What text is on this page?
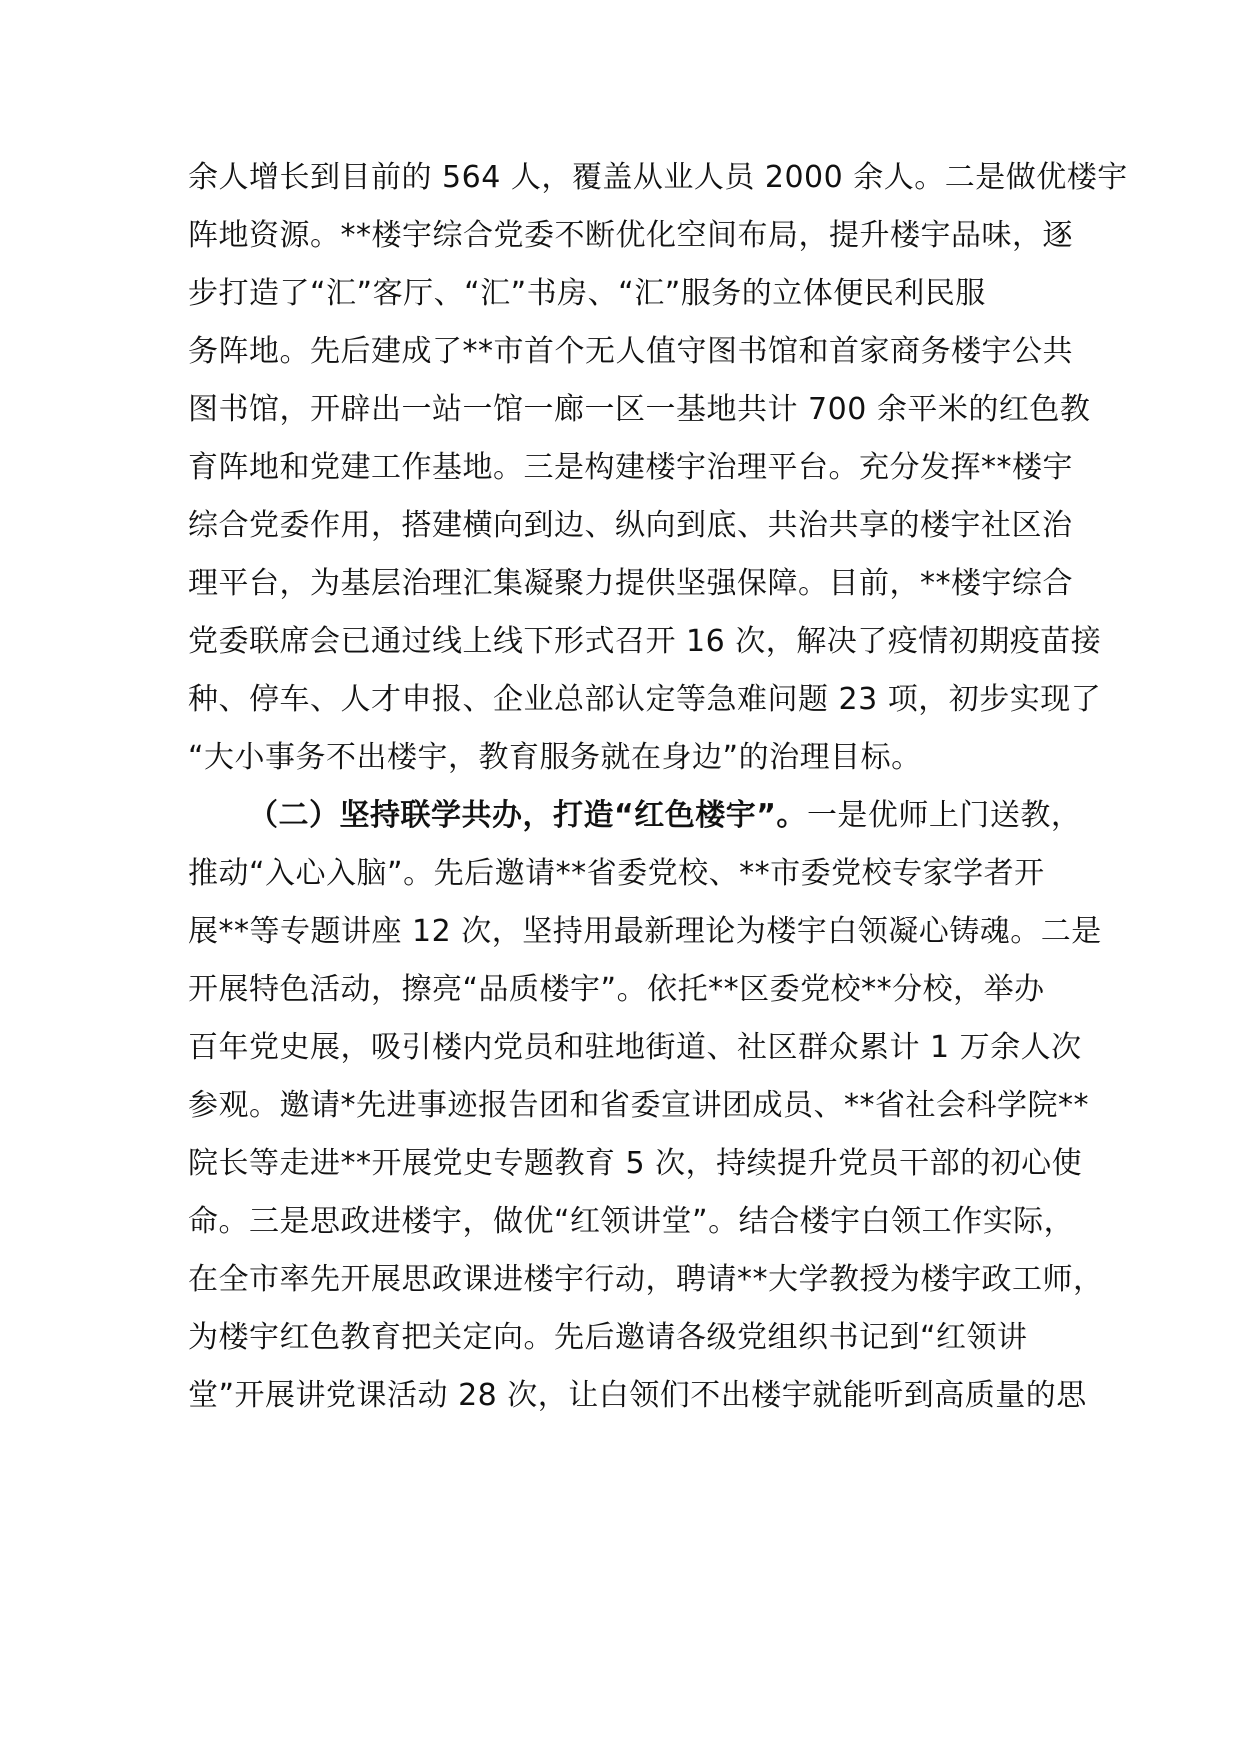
余人增长到目前的 564 人，覆盖从业人员 2000 余人。二是做优楼宇
阵地资源。**楼宇综合党委不断优化空间布局，提升楼宇品味，逐
步打造了“汇”客厅、“汇”书房、“汇”服务的立体便民利民服
务阵地。先后建成了**市首个无人值守图书馆和首家商务楼宇公共
图书馆，开辟出一站一馆一廊一区一基地共计 700 余平米的红色教
育阵地和党建工作基地。三是构建楼宇治理平台。充分发挥**楼宇
综合党委作用，搭建横向到边、纵向到底、共治共享的楼宇社区治
理平台，为基层治理汇集凝聚力提供坚强保障。目前，**楼宇综合
党委联席会已通过线上线下形式召开 16 次，解决了疫情初期疫苗接
种、停车、人才申报、企业总部认定等急难问题 23 项，初步实现了
“大小事务不出楼宇，教育服务就在身边”的治理目标。
（二）坚持联学共办，打造“红色楼宇”。一是优师上门送教，
推动“入心入脑”。先后邀请**省委党校、**市委党校专家学者开
展**等专题讲座 12 次，坚持用最新理论为楼宇白领凝心铸魂。二是
开展特色活动，擦亮“品质楼宇”。依托**区委党校**分校，举办
百年党史展，吸引楼内党员和驻地街道、社区群众累计 1 万余人次
参观。邀请*先进事迹报告团和省委宣讲团成员、**省社会科学院**
院长等走进**开展党史专题教育 5 次，持续提升党员干部的初心使
命。三是思政进楼宇，做优“红领讲堂”。结合楼宇白领工作实际，
在全市率先开展思政课进楼宇行动，聘请**大学教授为楼宇政工师，
为楼宇红色教育把关定向。先后邀请各级党组织书记到“红领讲
堂”开展讲党课活动 28 次，让白领们不出楼宇就能听到高质量的思
